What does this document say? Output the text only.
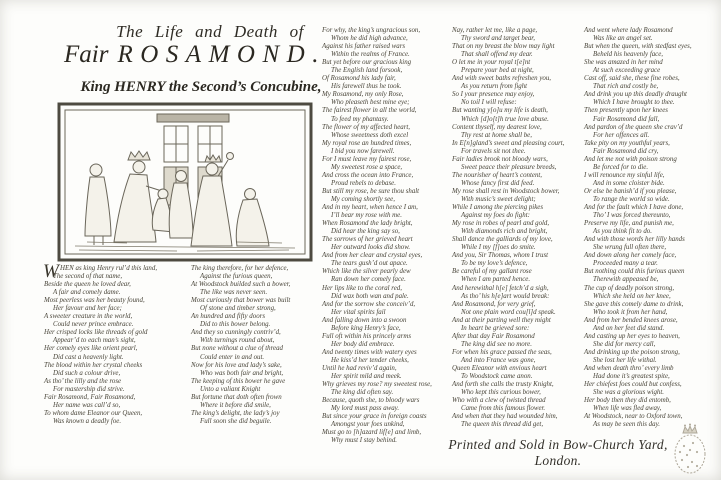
The Life and Death of
Fair ROSAMOND.
King HENRY the Second’s Concubine,
W HEN as king Henry rul’d this land,
The second of that name,
Beside the queen he loved dear,
A fair and comely dame.
Most peerless was her beauty found,
Her favour and her face;
A sweeter creature in the world,
Could never prince embrace.
Her crisped locks like threads of gold
Appear’d to each man’s sight,
Her comely eyes like orient pearl,
Did cast a heavenly light.
The blood within her crystal cheeks
Did such a colour drive,
As tho’ the lilly and the rose
For mastership did strive.
Fair Rosamond, Fair Rosamond,
Her name was call’d so,
To whom dame Eleanor our Queen,
Was known a deadly foe.
The king therefore, for her defence,
Against the furious queen,
At Woodstock builded such a bower,
The like was never seen.
Most curiously that bower was built
Of stone and timber strong,
An hundred and fifty doors
Did to this bower belong.
And they so cunningly contriv’d,
With turnings round about,
But none without a clue of thread
Could enter in and out.
Now for his love and lady’s sake,
Who was both fair and bright,
The keeping of this bower he gave
Unto a valiant Knight
But fortune that doth often frown
Where it before did smile,
The king’s delight, the lady’s joy
Full soon she did beguile.
For why, the king’s ungracious son,
Whom he did high advance,
Against his father raised wars
Within the realms of France.
But yet before our gracious king
The English land forsook,
Of Rosamond his lady fair,
His farewell thus he took.
My Rosamond, my only Rose,
Who pleaseth best mine eye;
The fairest flower in all the world,
To feed my phantasy.
The flower of my affected heart,
Whose sweetness doth excel
My royal rose an hundred times,
I bid you now farewell.
For I must leave my fairest rose,
My sweetest rose a space,
And cross the ocean into France,
Proud rebels to debase.
But still my rose, be sure thou shalt
My coming shortly see,
And in my heart, when hence I am,
I’ll bear my rose with me.
When Rosamond the lady bright,
Did hear the king say so,
The sorrows of her grieved heart
Her outward looks did show.
And from her clear and crystal eyes,
The tears gush’d out apace.
Which like the silver pearly dew
Ran down her comely face.
Her lips like to the coral red,
Did wax both wan and pale.
And for the sorrow she conceiv’d,
Her vital spirits fail
And falling down into a swoon
Before king Henry’s face,
Full oft within his princely arms
Her body did embrace.
And twenty times with watery eyes
He kiss’d her tender cheeks,
Until he had reviv’d again,
Her spirit mild and meek.
Why grieves my rose? my sweetest rose,
The king did often say.
Because, quoth she, to bloody wars
My lord must pass away.
But since your grace in foreign coasts
Amongst your foes unkind,
Must go to [h]azard lif[e] and limb,
Why must I stay behind.
Nay, rather let me, like a page,
Thy sword and target bear,
That on my breast the blow may light
That shall offend my dear.
O let me in your royal t[e]nt
Prepare your bed at night,
And with sweet baths refreshen you,
As you return from fight
So I your presence may enjoy,
No toil I will refuse:
But wanting y[o]u my life is death,
Which [d]o[t]h true love abuse.
Content thyself, my dearest love,
Thy rest at home shall be,
In E[n]gland’s sweet and pleasing court,
For travels sit not thee.
Fair ladies brook not bloody wars,
Sweet peace their pleasure breeds,
The nourisher of heart’s content,
Whose fancy first did feed.
My rose shall rest in Woodstock bower,
With music’s sweet delight;
While I among the piercing pikes
Against my foes do fight:
My rose in robes of pearl and gold,
With diamonds rich and bright,
Shall dance the galliards of my love,
While I my [f]oes do smite.
And you, Sir Thomas, whom I trust
To be my love’s defence,
Be careful of my gallant rose
When I am parted hence.
And herewithal h[e] fetch’d a sigh,
As tho’ his h[e]art would break:
And Rosamond, for very grief,
Not one plain word cou[l]d speak.
And at their parting well they might
In heart be grieved sore:
After that day Fair Rosamond
The king did see no more.
For when his grace passed the seas,
And into France was gone,
Queen Eleanor with envious heart
To Woodstock came anon.
And forth she calls the trusty Knight,
Who kept this curious bower,
Who with a clew of twisted thread
Came from this famous flower.
And when that they had wounded him,
The queen this thread did get,
And went where lady Rosamond
Was like an angel set.
But when the queen, with stedfast eyes,
Beheld his heavenly face,
She was amazed in her mind
At such exceeding grace
Cast off, said she, these fine robes,
That rich and costly be,
And drink you up this deadly draught
Which I have brought to thee.
Then presently upon her knees
Fair Rosamond did fall,
And pardon of the queen she crav’d
For her offences all.
Take pity on my youthful years,
Fair Rosamond did cry,
And let me not with poison strong
Be forced for to die.
I will renounce my sinful life,
And in some cloister bide.
Or else be banish’d if you please,
To range the world so wide.
And for the fault which I have done,
Tho’ I was forced thereunto,
Preserve my life, and punish me,
As you think fit to do.
And with those words her lilly hands
She wrung full often there,
And down along her comely face,
Proceeded many a tear.
But nothing could this furious queen
Therewith appeased be,
The cup of deadly poison strong,
Which she held on her knee,
She gave this comely dame to drink,
Who took it from her hand,
And from her bended knees arose,
And on her feet did stand.
And casting up her eyes to heaven,
She did for mercy call,
And drinking up the poison strong,
She lost her life withal.
And when death thro’ every limb
Had done it’s greatest spite,
Her chiefest foes could but confess,
She was a glorious wight.
Her body then they did entomb,
When life was fled away,
At Woodstock, near to Oxford town,
As may be seen this day.
Printed and Sold in Bow-Church Yard, London.
